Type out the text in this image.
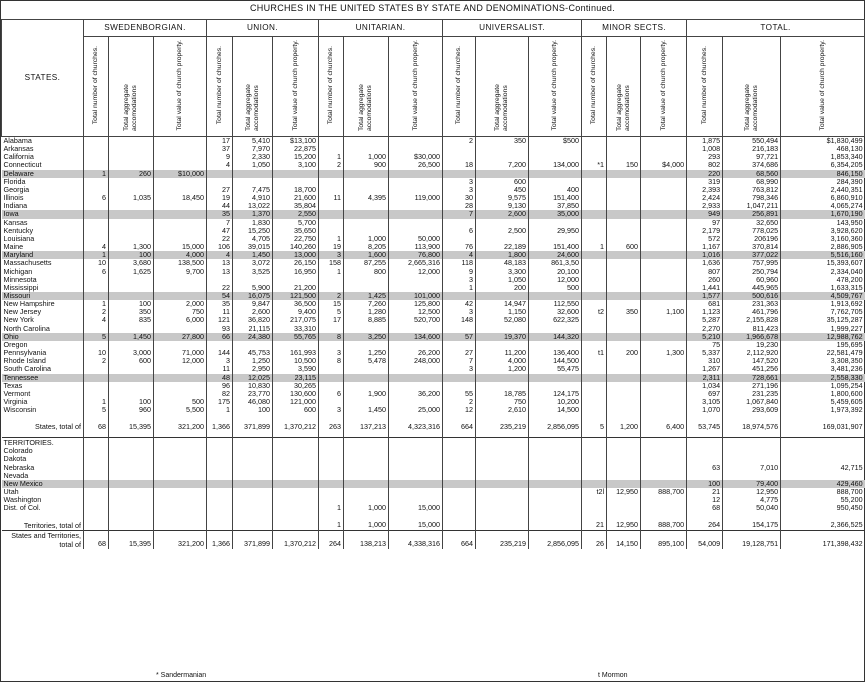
CHURCHES IN THE UNITED STATES BY STATE AND DENOMINATIONS-Continued.
STATES.	SWEDENBORGIAN.			UNION.			UNITARIAN.			UNIVERSALIST.			MINOR SECTS.			TOTAL.		
	Total number of churches.	Total aggregate accomodations	Total value of church property.	Total number of churches.	Total aggregate accomodations	Total value of church property.	Total number of churches.	Total aggregate accomodations	Total value of church property.	Total number of churches.	Total aggregate accomodations	Total value of church property.	Total number of churches.	Total aggregate accomodations	Total value of church property.	Total number of churches.	Total aggregate accomodations	Total value of church property.
Alabama				17	5,410	$13,100				2	350	$500				1,875	550,494	$1,830,499
Arkansas				37	7,970	22,875										1,008	216,183	468,130
California				9	2,330	15,200	1	1,000	$30,000							293	97,721	1,853,340
Connecticut				4	1,050	3,100	2	900	26,500	18	7,200	134,000	*1	150	$4,000	802	374,686	6,354,205
Delaware	1	260	$10,000													220	68,560	846,150
Florida										3	600					319	68,990	284,390
Georgia				27	7,475	18,700				3	450	400				2,393	763,812	2,440,351
Illinois	6	1,035	18,450	19	4,910	21,600	11	4,395	119,000	30	9,575	151,400				2,424	798,346	6,860,910
Indiana				44	13,022	35,804				28	9,130	37,850				2,933	1,047,211	4,065,274
Iowa				35	1,370	2,550				7	2,600	35,000				949	256,891	1,670,190
Kansas				7	1,830	5,700										97	32,650	143,950
Kentucky				47	15,250	35,650				6	2,500	29,950				2,179	778,025	3,928,620
Louisiana				22	4,705	22,750	1	1,000	50,000							572	206196	3,160,360
Maine	4	1,300	15,000	106	39,015	140,260	19	8,205	113,900	76	22,189	151,400	1	600		1,167	370,814	2,886,905
Maryland	1	100	4,000	4	1,450	13,000	3	1,600	76,800	4	1,800	24,600				1,016	377,022	5,516,160
Massachusetts	10	3,680	138,500	13	3,072	26,150	158	87,255	2,665,316	118	48,183	861,3,50				1,636	757,995	15,393,607
Michigan	6	1,625	9,700	13	3,525	16,950	1	800	12,000	9	3,300	20,100				807	250,794	2,334,040
Minnesota										3	1,050	12,000				260	60,960	478,200
Mississippi				22	5,900	21,200				1	200	500				1,441	445,965	1,633,315
Missouri				54	16,075	121,500	2	1,425	101,000							1,577	500,616	4,509,767
New Hampshire	1	100	2,000	35	9,847	36,500	15	7,260	125,800	42	14,947	112,550				681	231,363	1,913,692
New Jersey	2	350	750	11	2,600	9,400	5	1,280	12,500	3	1,150	32,600	t2	350	1,100	1,123	461,796	7,762,705
New York	4	835	6,000	121	36,820	217,075	17	8,885	520,700	148	52,080	622,325				5,287	2,155,828	35,125,287
North Carolina				93	21,115	33,310										2,270	811,423	1,999,227
Ohio	5	1,450	27,800	66	24,380	55,765	8	3,250	134,600	57	19,370	144,320				5,210	1,966,678	12,988,762
Oregon																75	19,230	195,695
Pennsylvania	10	3,000	71,000	144	45,753	161,993	3	1,250	26,200	27	11,200	136,400	t1	200	1,300	5,337	2,112,920	22,581,479
Rhode Island	2	600	12,000	3	1,250	10,500	8	5,478	248,000	7	4,000	144,500				310	147,520	3,308,350
South Carolina				11	2,950	3,590				3	1,200	55,475				1,267	451,256	3,481,236
Tennessee				48	12,025	23,115										2,311	728,661	2,558,330
Texas				96	10,830	30,265										1,034	271,196	1,095,254
Vermont				82	23,770	130,600	6	1,900	36,200	55	18,785	124,175				697	231,235	1,800,600
Virginia	1	100	500	175	46,080	121,000				2	750	10,200				3,105	1,067,840	5,459,605
Wisconsin	5	960	5,500	1	100	600	3	1,450	25,000	12	2,610	14,500				1,070	293,609	1,973,392
States, total of	68	15,395	321,200	1,366	371,899	1,370,212	263	137,213	4,323,316	664	235,219	2,856,095	5	1,200	6,400	53,745	18,974,576	169,031,907

TERRITORIES.																		
Colorado																		
Dakota																		
Nebraska																63	7,010	42,715
Nevada																		
New Mexico																100	79,400	429,460
Utah													t2l	12,950	888,700	21	12,950	888,700
Washington																12	4,775	55,200
Dist. of Col.							1	1,000	15,000							68	50,040	950,450
Territories, total of							1	1,000	15,000				21	12,950	888,700	264	154,175	2,366,525
States and Territories, total of	68	15,395	321,200	1,366	371,899	1,370,212	264	138,213	4,338,316	664	235,219	2,856,095	26	14,150	895,100	54,009	19,128,751	171,398,432
* Sandermanian	t Mormon
